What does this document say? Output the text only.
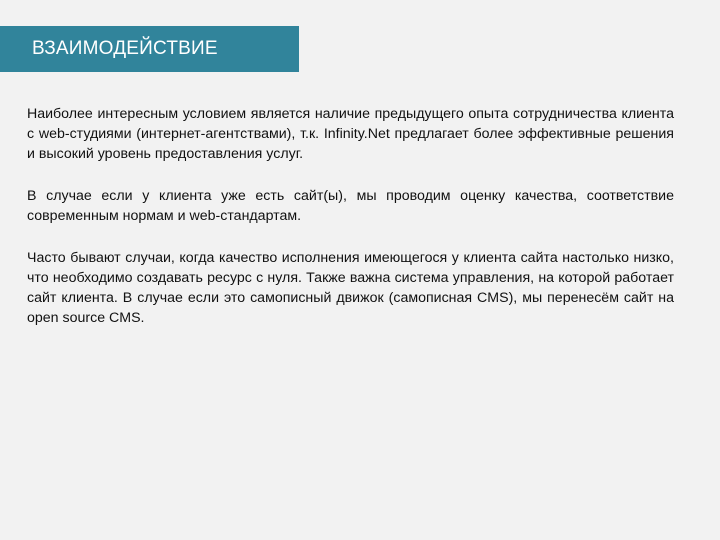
ВЗАИМОДЕЙСТВИЕ

Наиболее интересным условием является наличие предыдущего опыта сотрудничества клиента с web-студиями (интернет-агентствами), т.к. Infinity.Net предлагает более эффективные решения и высокий уровень предоставления услуг.

В случае если у клиента уже есть сайт(ы), мы проводим оценку качества, соответствие современным нормам и web-стандартам.

Часто бывают случаи, когда качество исполнения имеющегося у клиента сайта настолько низко, что необходимо создавать ресурс с нуля. Также важна система управления, на которой работает сайт клиента. В случае если это самописный движок (самописная CMS), мы перенесём сайт на open source CMS.
